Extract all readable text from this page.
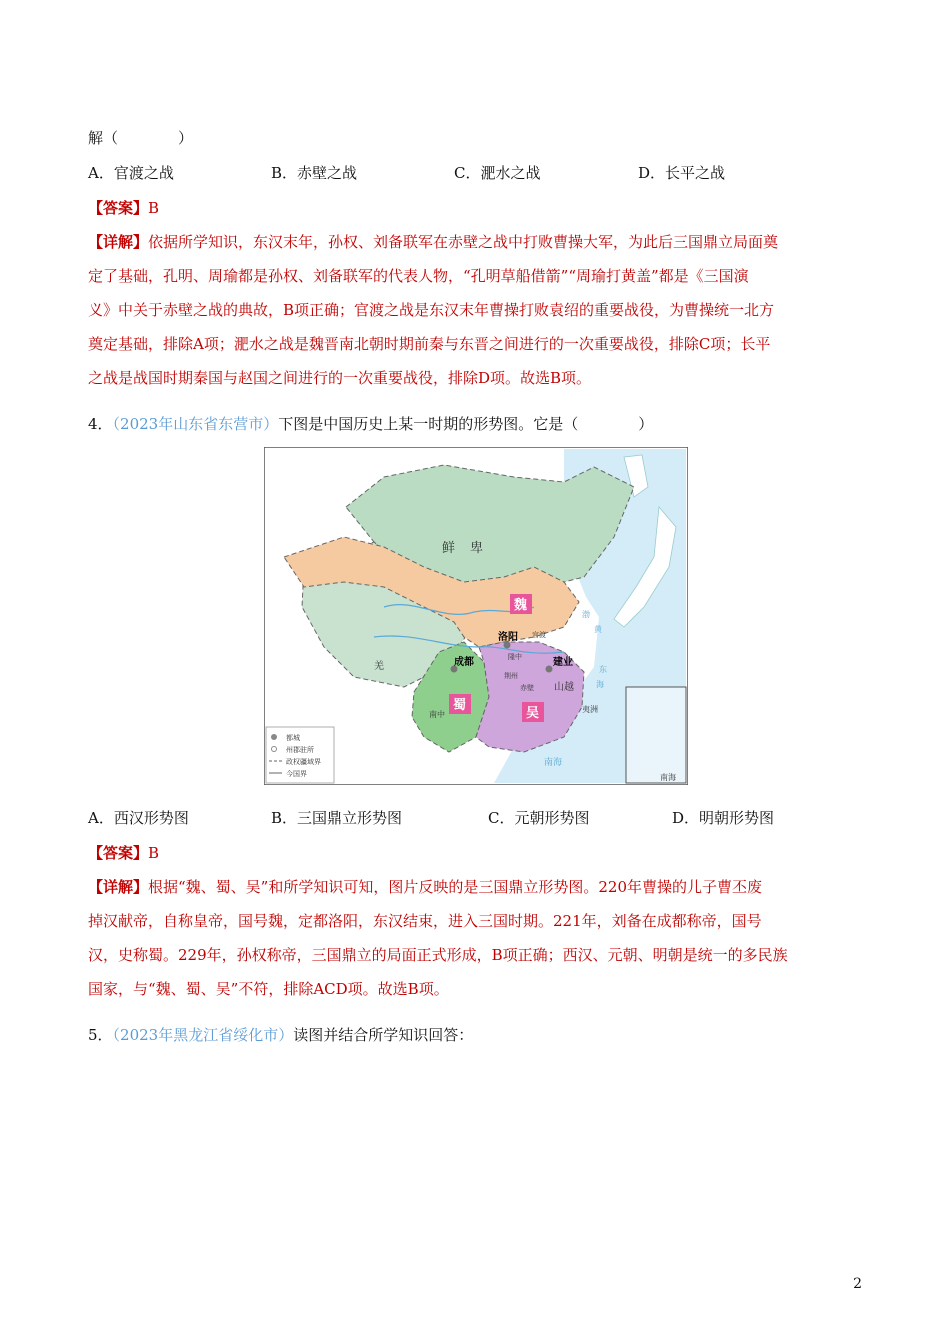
解（　　　　）
A．官渡之战	B．赤壁之战	C．淝水之战	D．长平之战
【答案】B
【详解】依据所学知识，东汉末年，孙权、刘备联军在赤壁之战中打败曹操大军，为此后三国鼎立局面奠
定了基础，孔明、周瑜都是孙权、刘备联军的代表人物，“孔明草船借箭”“周瑜打黄盖”都是《三国演
义》中关于赤壁之战的典故，B项正确；官渡之战是东汉末年曹操打败袁绍的重要战役，为曹操统一北方
奠定基础，排除A项；淝水之战是魏晋南北朝时期前秦与东晋之间进行的一次重要战役，排除C项；长平
之战是战国时期秦国与赵国之间进行的一次重要战役，排除D项。故选B项。
4．（2023年山东省东营市）下图是中国历史上某一时期的形势图。它是（　　　　）
都城
州郡驻所
政权疆域界
今国界
鲜 卑
羌
魏
蜀
吴
洛阳
成都	建业
官渡
隆中
荆州
赤壁 山越
夷洲
南中
渤
黄
东
海
南海
南海
A．西汉形势图	B．三国鼎立形势图	C．元朝形势图	D．明朝形势图
【答案】B
【详解】根据“魏、蜀、吴”和所学知识可知，图片反映的是三国鼎立形势图。220年曹操的儿子曹丕废
掉汉献帝，自称皇帝，国号魏，定都洛阳，东汉结束，进入三国时期。221年，刘备在成都称帝，国号
汉，史称蜀。229年，孙权称帝，三国鼎立的局面正式形成，B项正确；西汉、元朝、明朝是统一的多民族
国家，与“魏、蜀、吴”不符，排除ACD项。故选B项。
5．（2023年黑龙江省绥化市）读图并结合所学知识回答：
2
